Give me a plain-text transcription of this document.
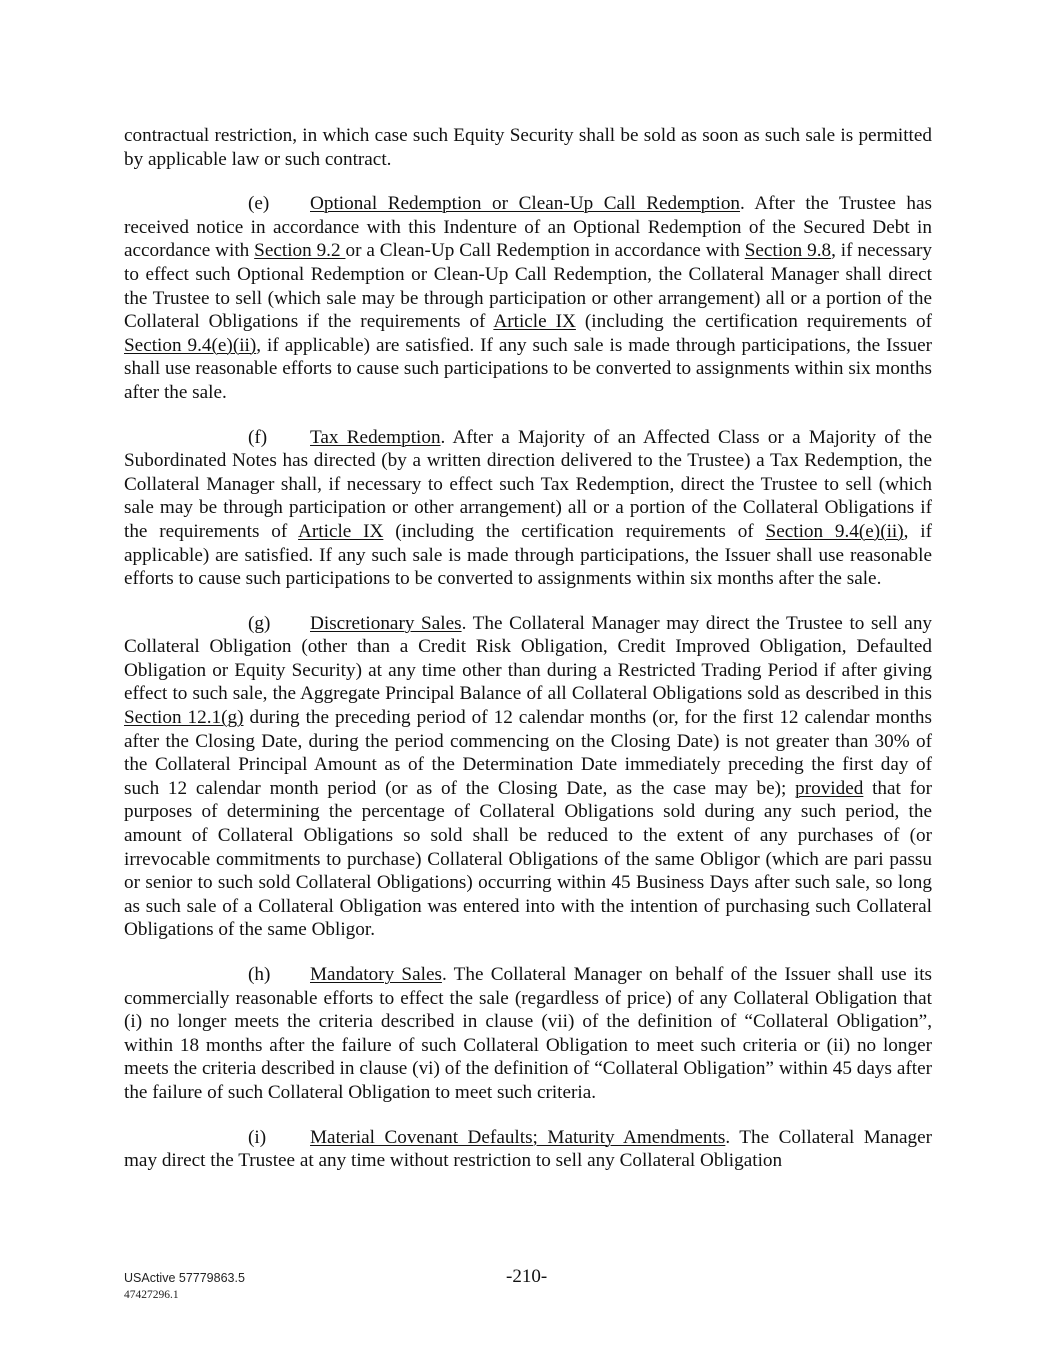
contractual restriction, in which case such Equity Security shall be sold as soon as such sale is permitted by applicable law or such contract.

(e) Optional Redemption or Clean-Up Call Redemption. After the Trustee has received notice in accordance with this Indenture of an Optional Redemption of the Secured Debt in accordance with Section 9.2 or a Clean-Up Call Redemption in accordance with Section 9.8, if necessary to effect such Optional Redemption or Clean-Up Call Redemption, the Collateral Manager shall direct the Trustee to sell (which sale may be through participation or other arrangement) all or a portion of the Collateral Obligations if the requirements of Article IX (including the certification requirements of Section 9.4(e)(ii), if applicable) are satisfied. If any such sale is made through participations, the Issuer shall use reasonable efforts to cause such participations to be converted to assignments within six months after the sale.

(f) Tax Redemption. After a Majority of an Affected Class or a Majority of the Subordinated Notes has directed (by a written direction delivered to the Trustee) a Tax Redemption, the Collateral Manager shall, if necessary to effect such Tax Redemption, direct the Trustee to sell (which sale may be through participation or other arrangement) all or a portion of the Collateral Obligations if the requirements of Article IX (including the certification requirements of Section 9.4(e)(ii), if applicable) are satisfied. If any such sale is made through participations, the Issuer shall use reasonable efforts to cause such participations to be converted to assignments within six months after the sale.

(g) Discretionary Sales. The Collateral Manager may direct the Trustee to sell any Collateral Obligation (other than a Credit Risk Obligation, Credit Improved Obligation, Defaulted Obligation or Equity Security) at any time other than during a Restricted Trading Period if after giving effect to such sale, the Aggregate Principal Balance of all Collateral Obligations sold as described in this Section 12.1(g) during the preceding period of 12 calendar months (or, for the first 12 calendar months after the Closing Date, during the period commencing on the Closing Date) is not greater than 30% of the Collateral Principal Amount as of the Determination Date immediately preceding the first day of such 12 calendar month period (or as of the Closing Date, as the case may be); provided that for purposes of determining the percentage of Collateral Obligations sold during any such period, the amount of Collateral Obligations so sold shall be reduced to the extent of any purchases of (or irrevocable commitments to purchase) Collateral Obligations of the same Obligor (which are pari passu or senior to such sold Collateral Obligations) occurring within 45 Business Days after such sale, so long as such sale of a Collateral Obligation was entered into with the intention of purchasing such Collateral Obligations of the same Obligor.

(h) Mandatory Sales. The Collateral Manager on behalf of the Issuer shall use its commercially reasonable efforts to effect the sale (regardless of price) of any Collateral Obligation that (i) no longer meets the criteria described in clause (vii) of the definition of “Collateral Obligation”, within 18 months after the failure of such Collateral Obligation to meet such criteria or (ii) no longer meets the criteria described in clause (vi) of the definition of “Collateral Obligation” within 45 days after the failure of such Collateral Obligation to meet such criteria.

(i) Material Covenant Defaults; Maturity Amendments. The Collateral Manager may direct the Trustee at any time without restriction to sell any Collateral Obligation

USActive 57779863.5
47427296.1
-210-
